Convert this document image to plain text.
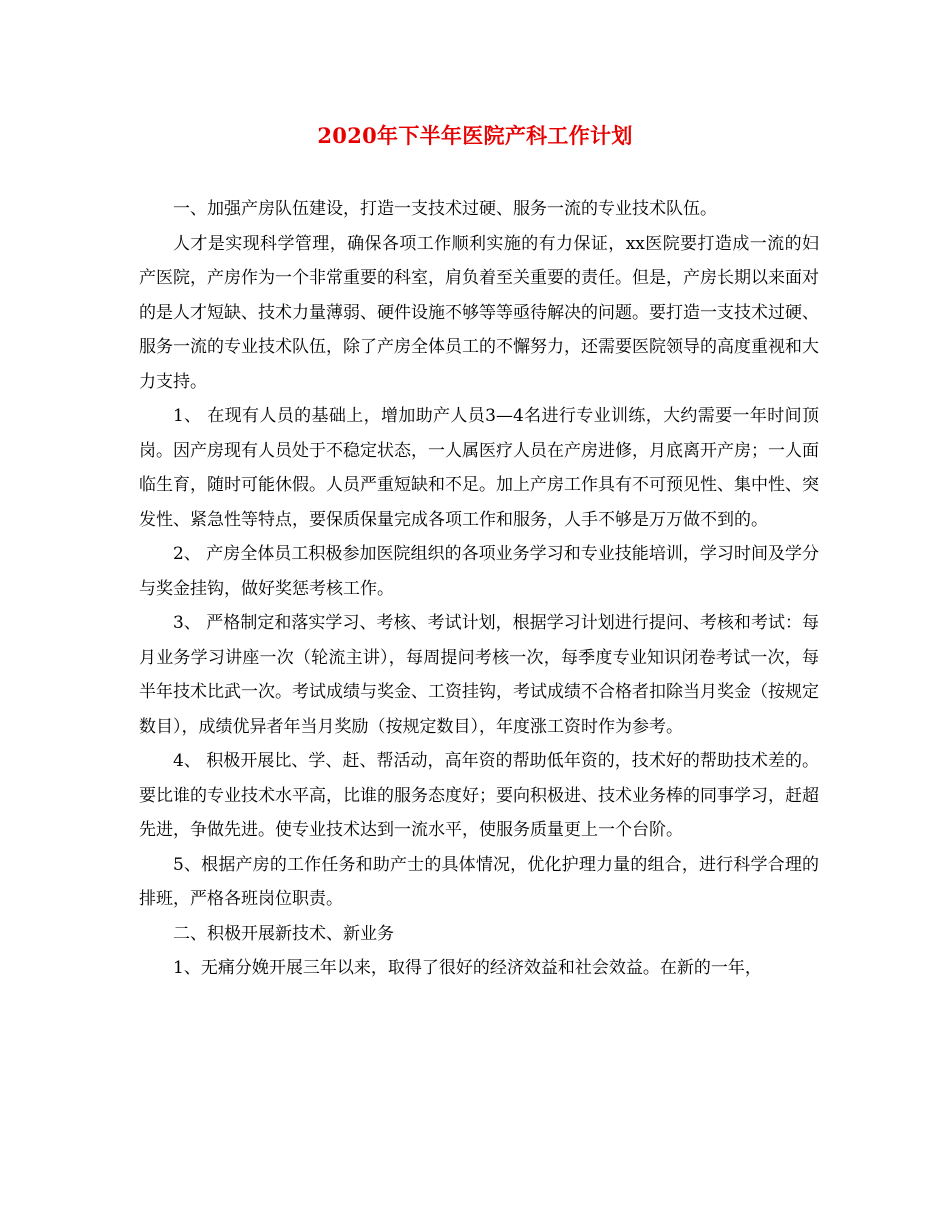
2020年下半年医院产科工作计划

一、加强产房队伍建设，打造一支技术过硬、服务一流的专业技术队伍。

人才是实现科学管理，确保各项工作顺利实施的有力保证，xx医院要打造成一流的妇产医院，产房作为一个非常重要的科室，肩负着至关重要的责任。但是，产房长期以来面对的是人才短缺、技术力量薄弱、硬件设施不够等等亟待解决的问题。要打造一支技术过硬、服务一流的专业技术队伍，除了产房全体员工的不懈努力，还需要医院领导的高度重视和大力支持。

1、 在现有人员的基础上，增加助产人员3—4名进行专业训练，大约需要一年时间顶岗。因产房现有人员处于不稳定状态，一人属医疗人员在产房进修，月底离开产房；一人面临生育，随时可能休假。人员严重短缺和不足。加上产房工作具有不可预见性、集中性、突发性、紧急性等特点，要保质保量完成各项工作和服务，人手不够是万万做不到的。

2、 产房全体员工积极参加医院组织的各项业务学习和专业技能培训，学习时间及学分与奖金挂钩，做好奖惩考核工作。

3、 严格制定和落实学习、考核、考试计划，根据学习计划进行提问、考核和考试：每月业务学习讲座一次（轮流主讲），每周提问考核一次，每季度专业知识闭卷考试一次，每半年技术比武一次。考试成绩与奖金、工资挂钩，考试成绩不合格者扣除当月奖金（按规定数目），成绩优异者年当月奖励（按规定数目），年度涨工资时作为参考。

4、 积极开展比、学、赶、帮活动，高年资的帮助低年资的，技术好的帮助技术差的。要比谁的专业技术水平高，比谁的服务态度好；要向积极进、技术业务棒的同事学习，赶超先进，争做先进。使专业技术达到一流水平，使服务质量更上一个台阶。

5、根据产房的工作任务和助产士的具体情况，优化护理力量的组合，进行科学合理的排班，严格各班岗位职责。

二、积极开展新技术、新业务

1、无痛分娩开展三年以来，取得了很好的经济效益和社会效益。在新的一年，
